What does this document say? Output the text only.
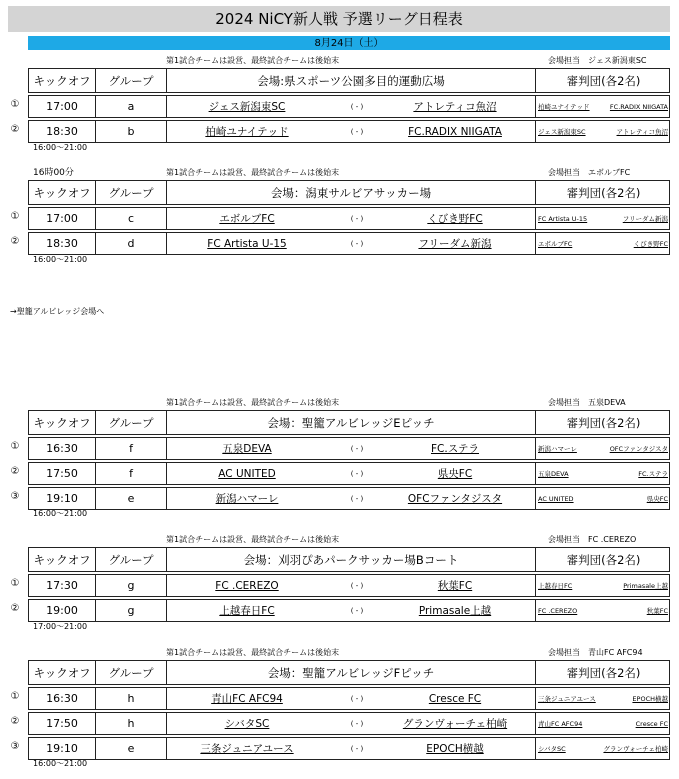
2024 NiCY新人戦 予選リーグ日程表
8月24日（土）
→聖籠アルビレッジ会場へ
第1試合チームは設営、最終試合チームは後始末	会場担当　ジェス新潟東SC
キックオフ	グループ	会場:県スポーツ公園多目的運動広場	審判団(各2名)
①	17:00	a	ジェス新潟東SC	( - )	アトレティコ魚沼	柏崎ユナイテッド	FC.RADIX NIIGATA
②	18:30	b	柏崎ユナイテッド	( - )	FC.RADIX NIIGATA	ジェス新潟東SC	アトレティコ魚沼
16:00～21:00
16時00分	第1試合チームは設営、最終試合チームは後始末	会場担当　エボルブFC
キックオフ	グループ	会場：潟東サルビアサッカー場	審判団(各2名)
①	17:00	c	エボルブFC	( - )	くびき野FC	FC Artista U-15	フリーダム新潟
②	18:30	d	FC Artista U-15	( - )	フリーダム新潟	エボルブFC	くびき野FC
16:00～21:00
第1試合チームは設営、最終試合チームは後始末	会場担当　五泉DEVA
キックオフ	グループ	会場：聖籠アルビレッジEピッチ	審判団(各2名)
①	16:30	f	五泉DEVA	( - )	FC.ステラ	新潟ハマーレ	OFCファンタジスタ
②	17:50	f	AC UNITED	( - )	県央FC	五泉DEVA	FC.ステラ
③	19:10	e	新潟ハマーレ	( - )	OFCファンタジスタ	AC UNITED	県央FC
16:00～21:00
第1試合チームは設営、最終試合チームは後始末	会場担当　FC .CEREZO
キックオフ	グループ	会場：刈羽ぴあパークサッカー場Bコート	審判団(各2名)
①	17:30	g	FC .CEREZO	( - )	秋葉FC	上越春日FC	Primasale上越
②	19:00	g	上越春日FC	( - )	Primasale上越	FC .CEREZO	秋葉FC
17:00～21:00
第1試合チームは設営、最終試合チームは後始末	会場担当　青山FC AFC94
キックオフ	グループ	会場：聖籠アルビレッジFピッチ	審判団(各2名)
①	16:30	h	青山FC AFC94	( - )	Cresce FC	三条ジュニアユース	EPOCH横越
②	17:50	h	シバタSC	( - )	グランヴォーチェ柏崎	青山FC AFC94	Cresce FC
③	19:10	e	三条ジュニアユース	( - )	EPOCH横越	シバタSC	グランヴォーチェ柏崎
16:00～21:00
